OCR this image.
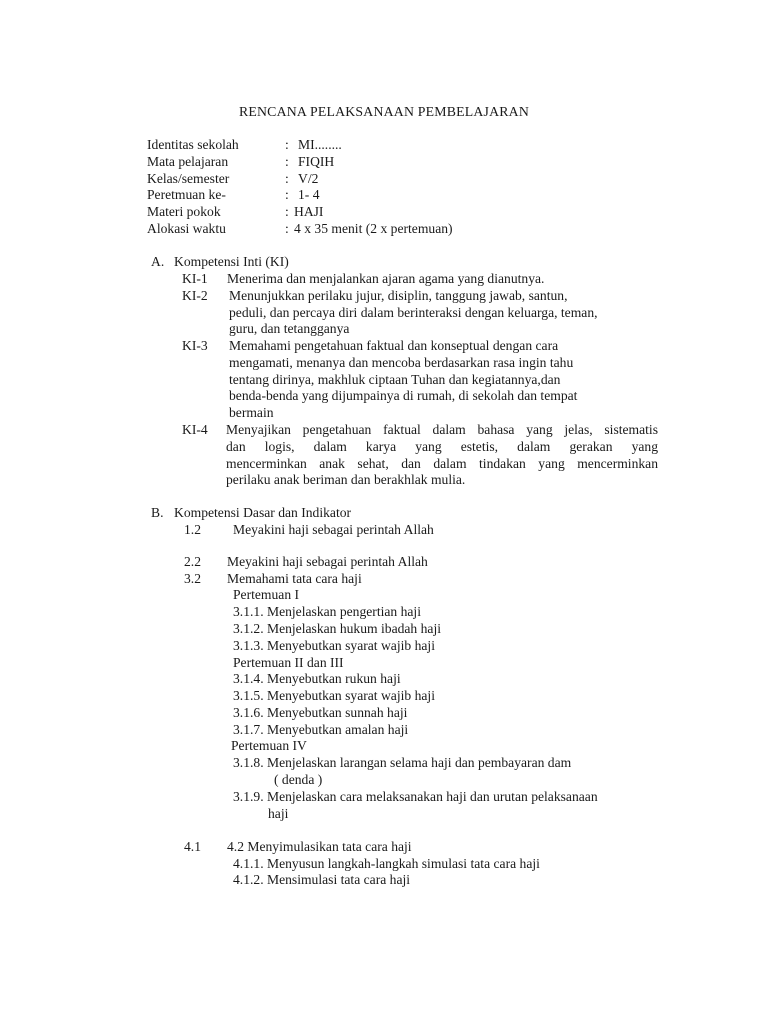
RENCANA PELAKSANAAN PEMBELAJARAN
Identitas sekolah	: MI........
Mata pelajaran	: FIQIH
Kelas/semester	: V/2
Peretmuan ke-	: 1- 4
Materi pokok	: HAJI
Alokasi waktu	: 4 x 35 menit (2 x pertemuan)
A. Kompetensi Inti (KI)
KI-1 Menerima dan menjalankan ajaran agama yang dianutnya.
KI-2 Menunjukkan perilaku jujur, disiplin, tanggung jawab, santun,
peduli, dan percaya diri dalam berinteraksi dengan keluarga, teman,
guru, dan tetangganya
KI-3 Memahami pengetahuan faktual dan konseptual dengan cara
mengamati, menanya dan mencoba berdasarkan rasa ingin tahu
tentang dirinya, makhluk ciptaan Tuhan dan kegiatannya,dan
benda-benda yang dijumpainya di rumah, di sekolah dan tempat
bermain
KI-4 Menyajikan pengetahuan faktual dalam bahasa yang jelas, sistematis
dan logis, dalam karya yang estetis, dalam gerakan yang
mencerminkan anak sehat, dan dalam tindakan yang mencerminkan
perilaku anak beriman dan berakhlak mulia.
B. Kompetensi Dasar dan Indikator
1.2 Meyakini haji sebagai perintah Allah
2.2 Meyakini haji sebagai perintah Allah
3.2 Memahami tata cara haji
Pertemuan I
3.1.1. Menjelaskan pengertian haji
3.1.2. Menjelaskan hukum ibadah haji
3.1.3. Menyebutkan syarat wajib haji
Pertemuan II dan III
3.1.4. Menyebutkan rukun haji
3.1.5. Menyebutkan syarat wajib haji
3.1.6. Menyebutkan sunnah haji
3.1.7. Menyebutkan amalan haji
Pertemuan IV
3.1.8. Menjelaskan larangan selama haji dan pembayaran dam
( denda )
3.1.9. Menjelaskan cara melaksanakan haji dan urutan pelaksanaan
haji
4.1 4.2 Menyimulasikan tata cara haji
4.1.1. Menyusun langkah-langkah simulasi tata cara haji
4.1.2. Mensimulasi tata cara haji
